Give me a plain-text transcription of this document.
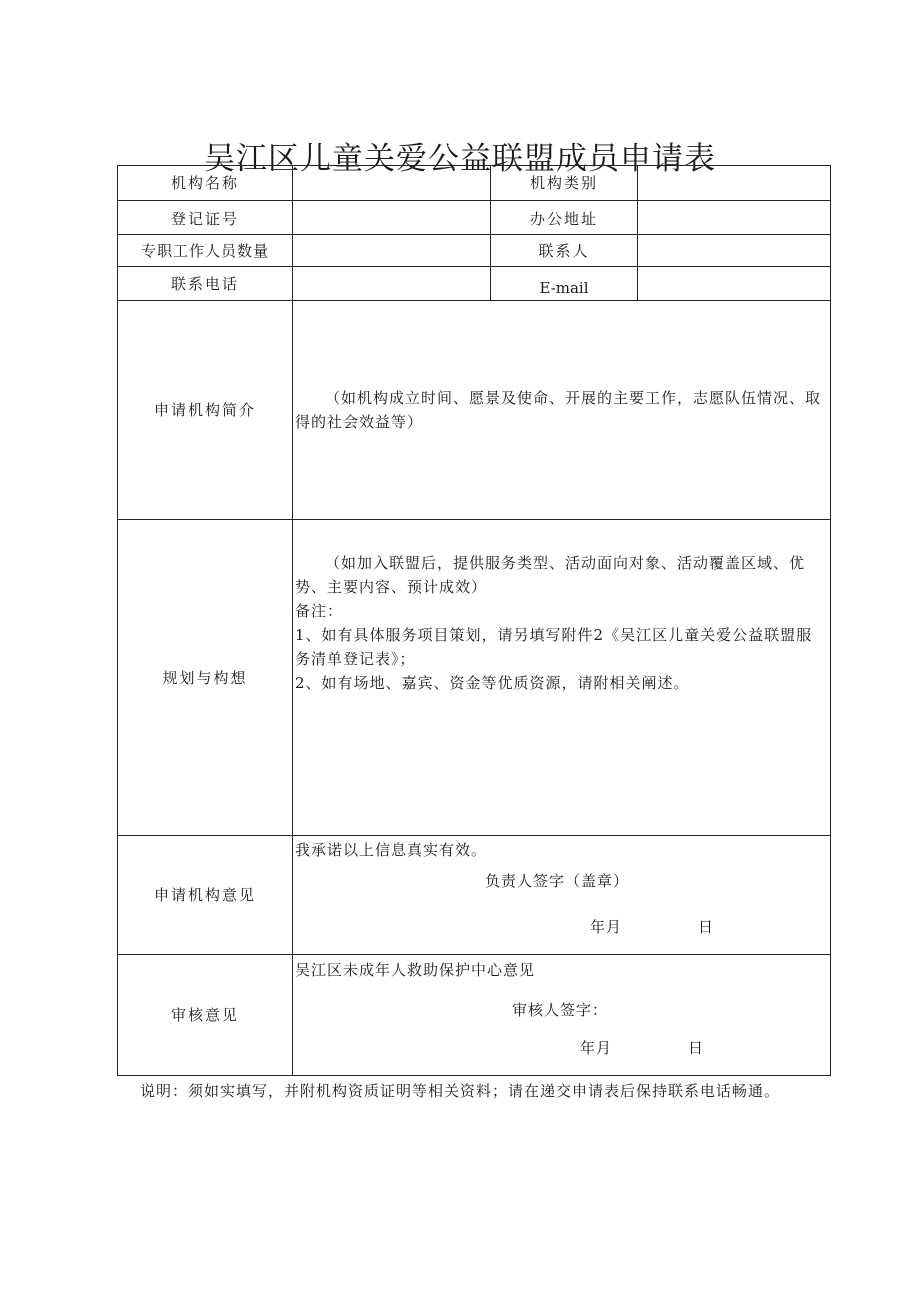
吴江区儿童关爱公益联盟成员申请表
机构名称		机构类别	
登记证号		办公地址	
专职工作人员数量		联系人	
联系电话		E-mail	
申请机构简介	（如机构成立时间、愿景及使命、开展的主要工作，志愿队伍情况、取得的社会效益等）		

规划与构想	（如加入联盟后，提供服务类型、活动面向对象、活动覆盖区域、优势、主要内容、预计成效）

备注：

1、如有具体服务项目策划，请另填写附件2《吴江区儿童关爱公益联盟服务清单登记表》；

2、如有场地、嘉宾、资金等优质资源，请附相关阐述。		

申请机构意见	我承诺以上信息真实有效。

负责人签字（盖章）

年月 日		

审核意见	吴江区未成年人救助保护中心意见

审核人签字：

年月 日		

说明：须如实填写，并附机构资质证明等相关资料；请在递交申请表后保持联系电话畅通。
